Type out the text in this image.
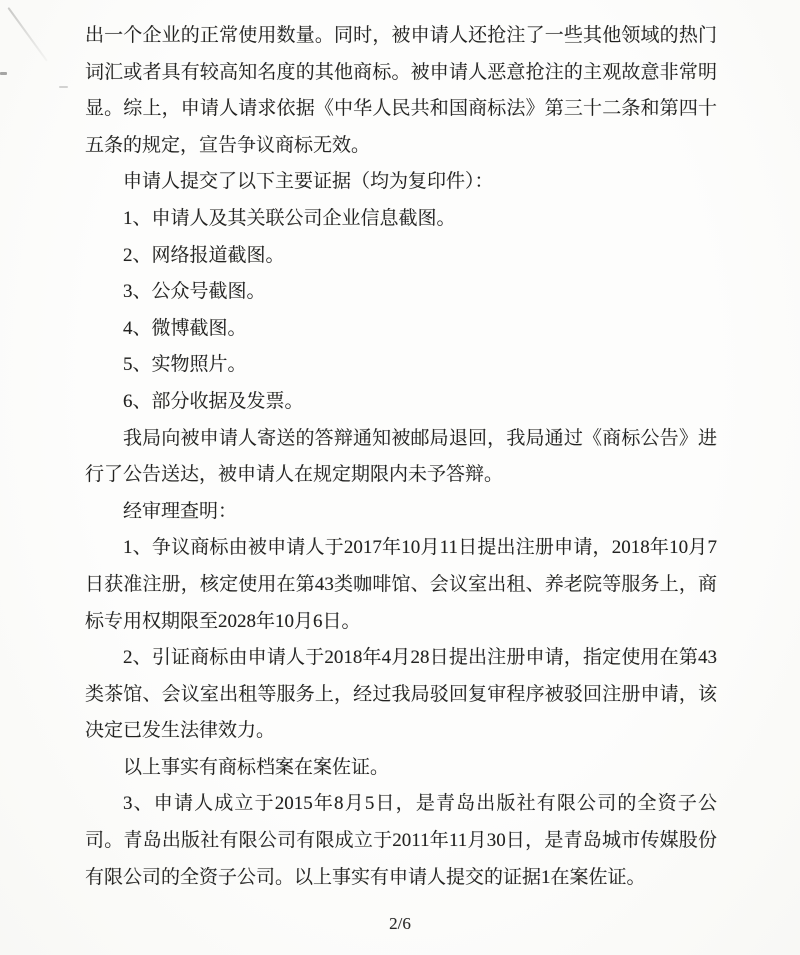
出一个企业的正常使用数量。同时，被申请人还抢注了一些其他领域的热门
词汇或者具有较高知名度的其他商标。被申请人恶意抢注的主观故意非常明
显。综上，申请人请求依据《中华人民共和国商标法》第三十二条和第四十
五条的规定，宣告争议商标无效。
申请人提交了以下主要证据（均为复印件）：
1、申请人及其关联公司企业信息截图。
2、网络报道截图。
3、公众号截图。
4、微博截图。
5、实物照片。
6、部分收据及发票。
我局向被申请人寄送的答辩通知被邮局退回，我局通过《商标公告》进
行了公告送达，被申请人在规定期限内未予答辩。
经审理查明：
1、争议商标由被申请人于2017年10月11日提出注册申请，2018年10月7
日获准注册，核定使用在第43类咖啡馆、会议室出租、养老院等服务上，商
标专用权期限至2028年10月6日。
2、引证商标由申请人于2018年4月28日提出注册申请，指定使用在第43
类茶馆、会议室出租等服务上，经过我局驳回复审程序被驳回注册申请，该
决定已发生法律效力。
以上事实有商标档案在案佐证。
3、申请人成立于2015年8月5日，是青岛出版社有限公司的全资子公
司。青岛出版社有限公司有限成立于2011年11月30日，是青岛城市传媒股份
有限公司的全资子公司。以上事实有申请人提交的证据1在案佐证。
2/6
